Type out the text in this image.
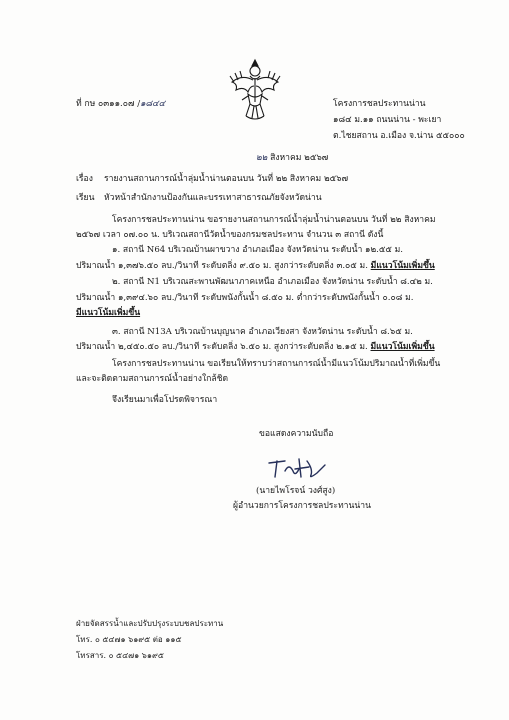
ที่ กษ ๐๓๑๑.๐๗ /๑๘๔๔	โครงการชลประทานน่าน
๑๘๔ ม.๑๑ ถนนน่าน - พะเยา
ต.ไชยสถาน อ.เมือง จ.น่าน ๕๕๐๐๐
๒๒ สิงหาคม ๒๕๖๗
เรื่อง รายงานสถานการณ์น้ำลุ่มน้ำน่านตอนบน วันที่ ๒๒ สิงหาคม ๒๕๖๗
เรียน หัวหน้าสำนักงานป้องกันและบรรเทาสาธารณภัยจังหวัดน่าน
โครงการชลประทานน่าน ขอรายงานสถานการณ์น้ำลุ่มน้ำน่านตอนบน วันที่ ๒๒ สิงหาคม
๒๕๖๗ เวลา ๐๗.๐๐ น. บริเวณสถานีวัดน้ำของกรมชลประทาน จำนวน ๓ สถานี ดังนี้
๑. สถานี N64 บริเวณบ้านผาขวาง อำเภอเมือง จังหวัดน่าน ระดับน้ำ ๑๒.๕๕ ม.
ปริมาณน้ำ ๑,๓๗๖.๕๐ ลบ./วินาที ระดับตลิ่ง ๙.๕๐ ม. สูงกว่าระดับตลิ่ง ๓.๐๕ ม. มีแนวโน้มเพิ่มขึ้น
๒. สถานี N1 บริเวณสะพานพัฒนาภาคเหนือ อำเภอเมือง จังหวัดน่าน ระดับน้ำ ๘.๔๒ ม.
ปริมาณน้ำ ๑,๓๙๔.๖๐ ลบ./วินาที ระดับพนังกั้นน้ำ ๘.๕๐ ม. ต่ำกว่าระดับพนังกั้นน้ำ ๐.๐๘ ม.
มีแนวโน้มเพิ่มขึ้น
๓. สถานี N13A บริเวณบ้านบุญนาค อำเภอเวียงสา จังหวัดน่าน ระดับน้ำ ๘.๖๕ ม.
ปริมาณน้ำ ๒,๔๕๐.๕๐ ลบ./วินาที ระดับตลิ่ง ๖.๕๐ ม. สูงกว่าระดับตลิ่ง ๒.๑๕ ม. มีแนวโน้มเพิ่มขึ้น
โครงการชลประทานน่าน ขอเรียนให้ทราบว่าสถานการณ์น้ำมีแนวโน้มปริมาณน้ำที่เพิ่มขึ้น
และจะติดตามสถานการณ์น้ำอย่างใกล้ชิด
จึงเรียนมาเพื่อโปรดพิจารณา
ขอแสดงความนับถือ
(นายไพโรจน์ วงศ์สูง)
ผู้อำนวยการโครงการชลประทานน่าน
ฝ่ายจัดสรรน้ำและปรับปรุงระบบชลประทาน
โทร. ๐ ๕๔๗๑ ๖๑๙๕ ต่อ ๑๑๕
โทรสาร. ๐ ๕๔๗๑ ๖๑๙๕
